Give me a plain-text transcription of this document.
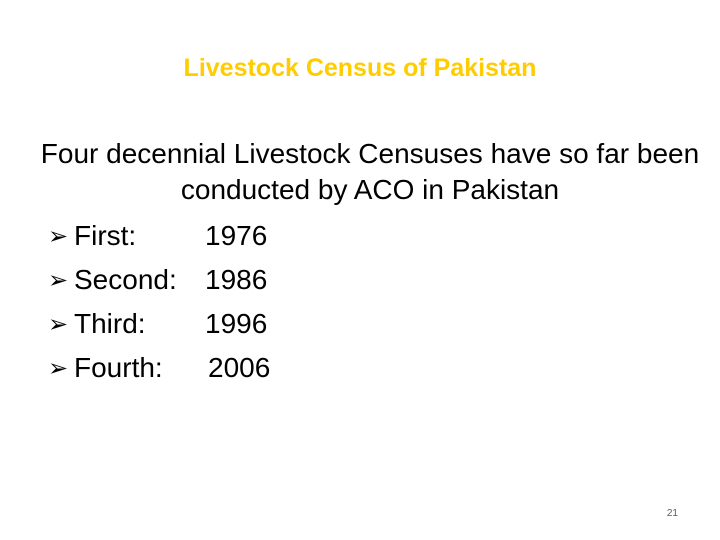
Livestock Census of Pakistan
Four decennial Livestock Censuses have so far been conducted by ACO in Pakistan
➢ First: 1976
➢ Second: 1986
➢ Third: 1996
➢ Fourth: 2006
21
